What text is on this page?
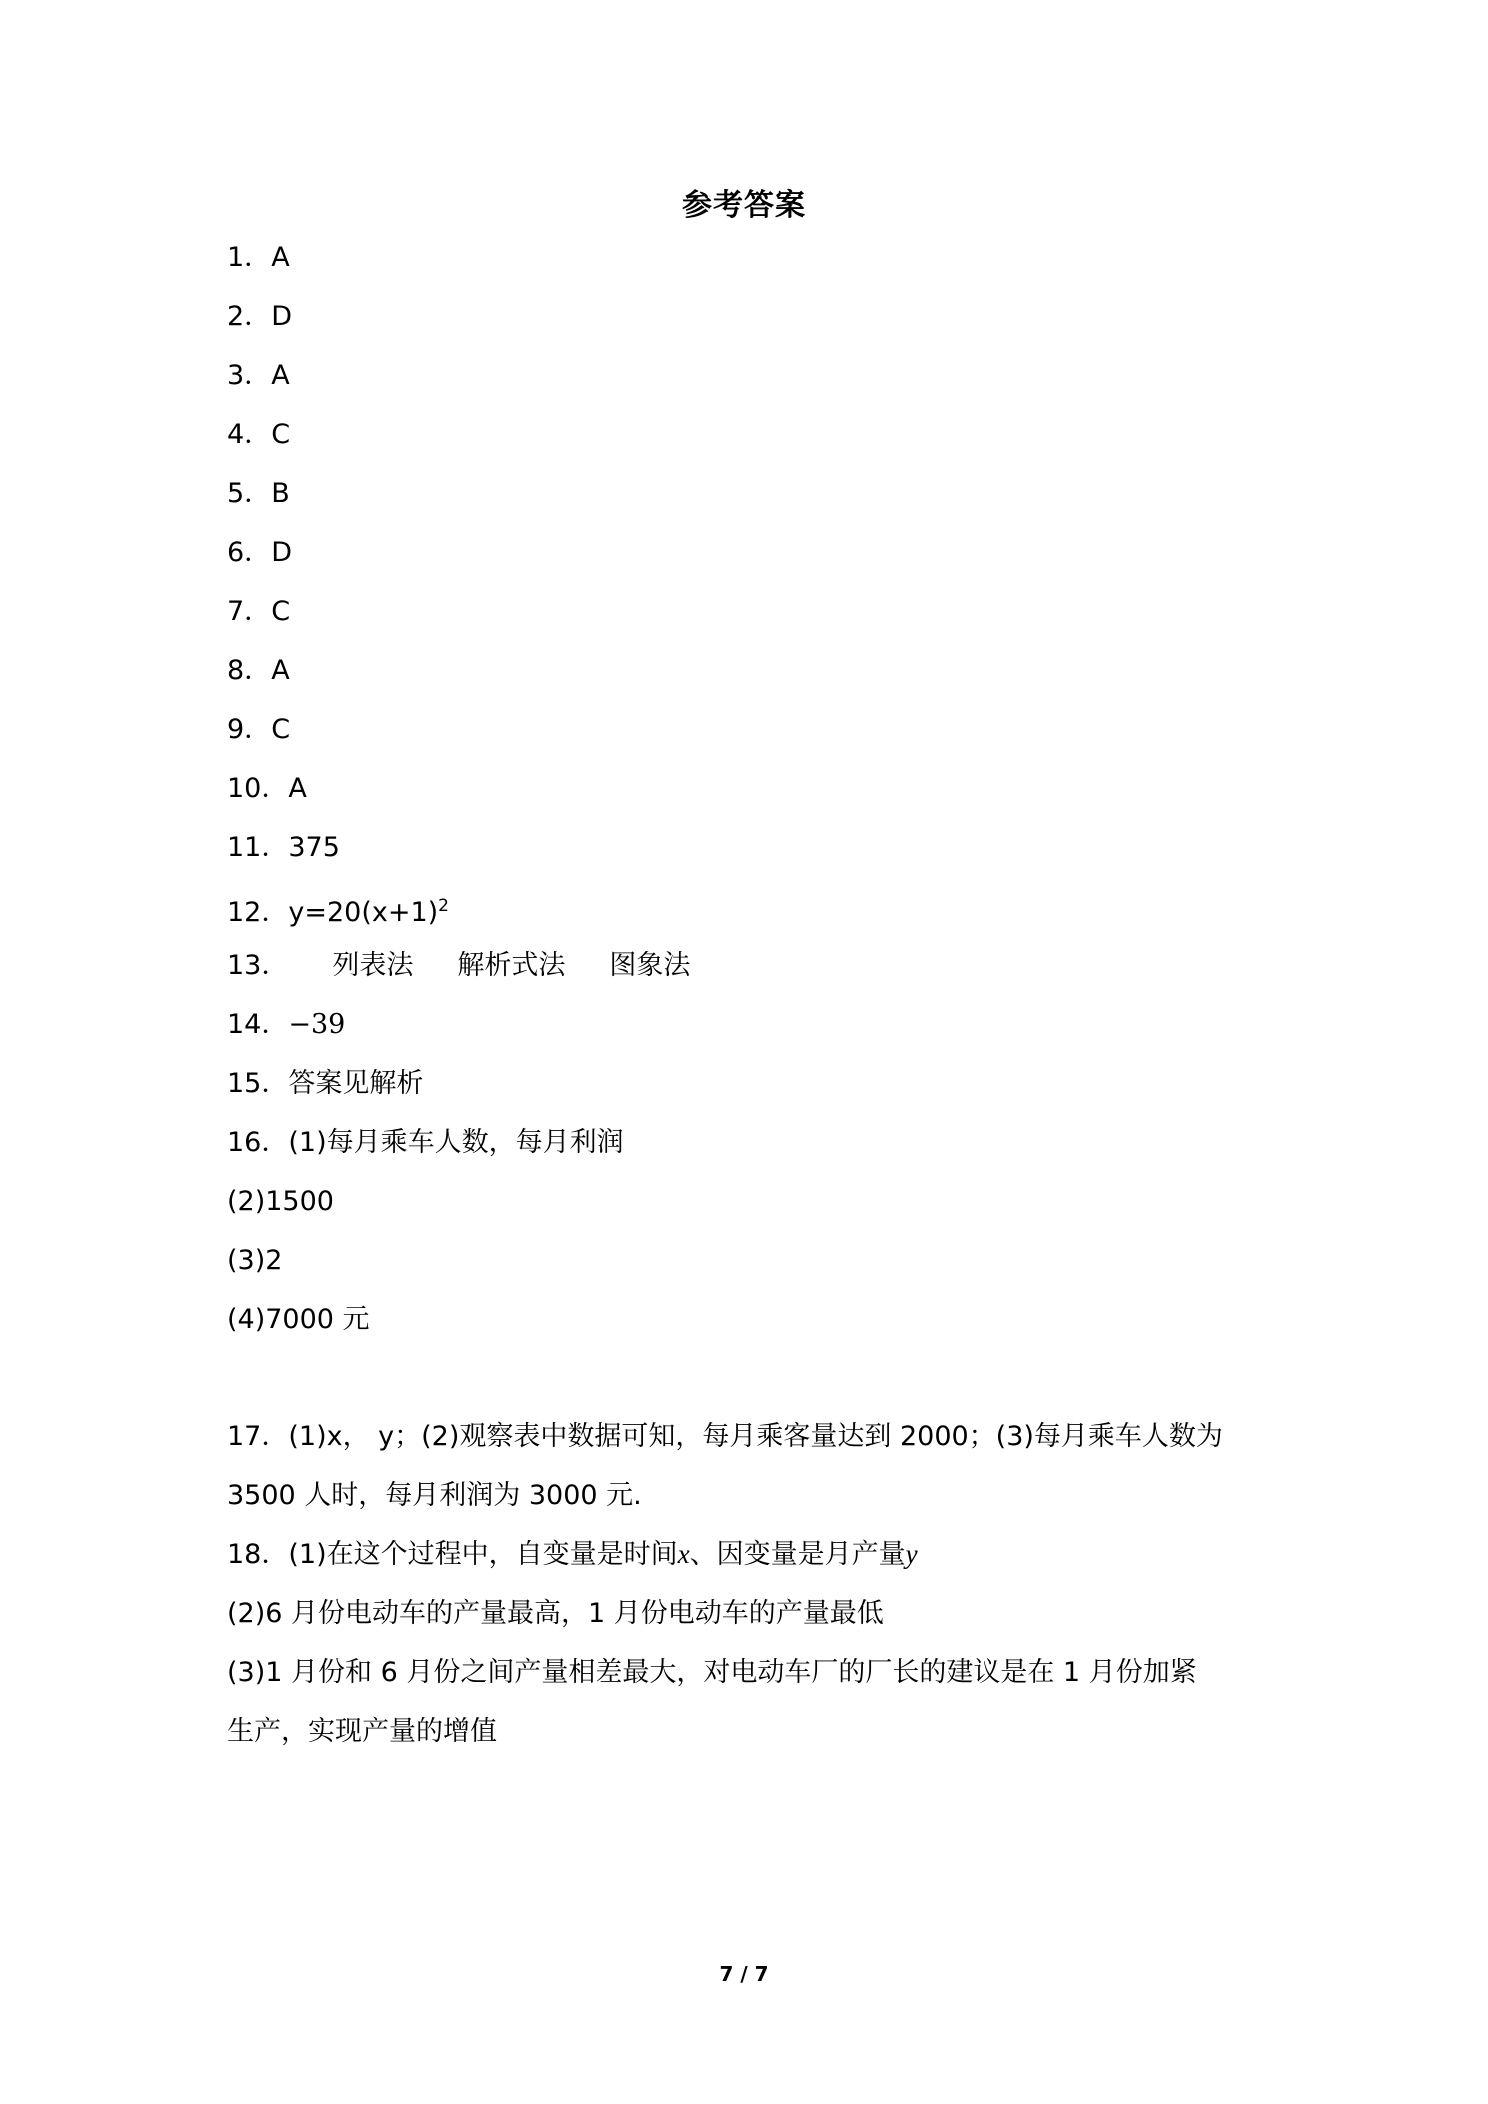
参考答案
1．A
2．D
3．A
4．C
5．B
6．D
7．C
8．A
9．C
10．A
11．375
12．$y=20(x+1)^2$
13． 列表法 解析式法 图象法
14．−39
15．答案见解析
16．(1)每月乘车人数，每月利润
(2)1500
(3)2
(4)7000 元
17．(1)x， y；(2)观察表中数据可知，每月乘客量达到 2000；(3)每月乘车人数为
3500 人时，每月利润为 3000 元.
18．(1)在这个过程中，自变量是时间x、因变量是月产量y
(2)6 月份电动车的产量最高，1 月份电动车的产量最低
(3)1 月份和 6 月份之间产量相差最大，对电动车厂的厂长的建议是在 1 月份加紧
生产，实现产量的增值
7 / 7
